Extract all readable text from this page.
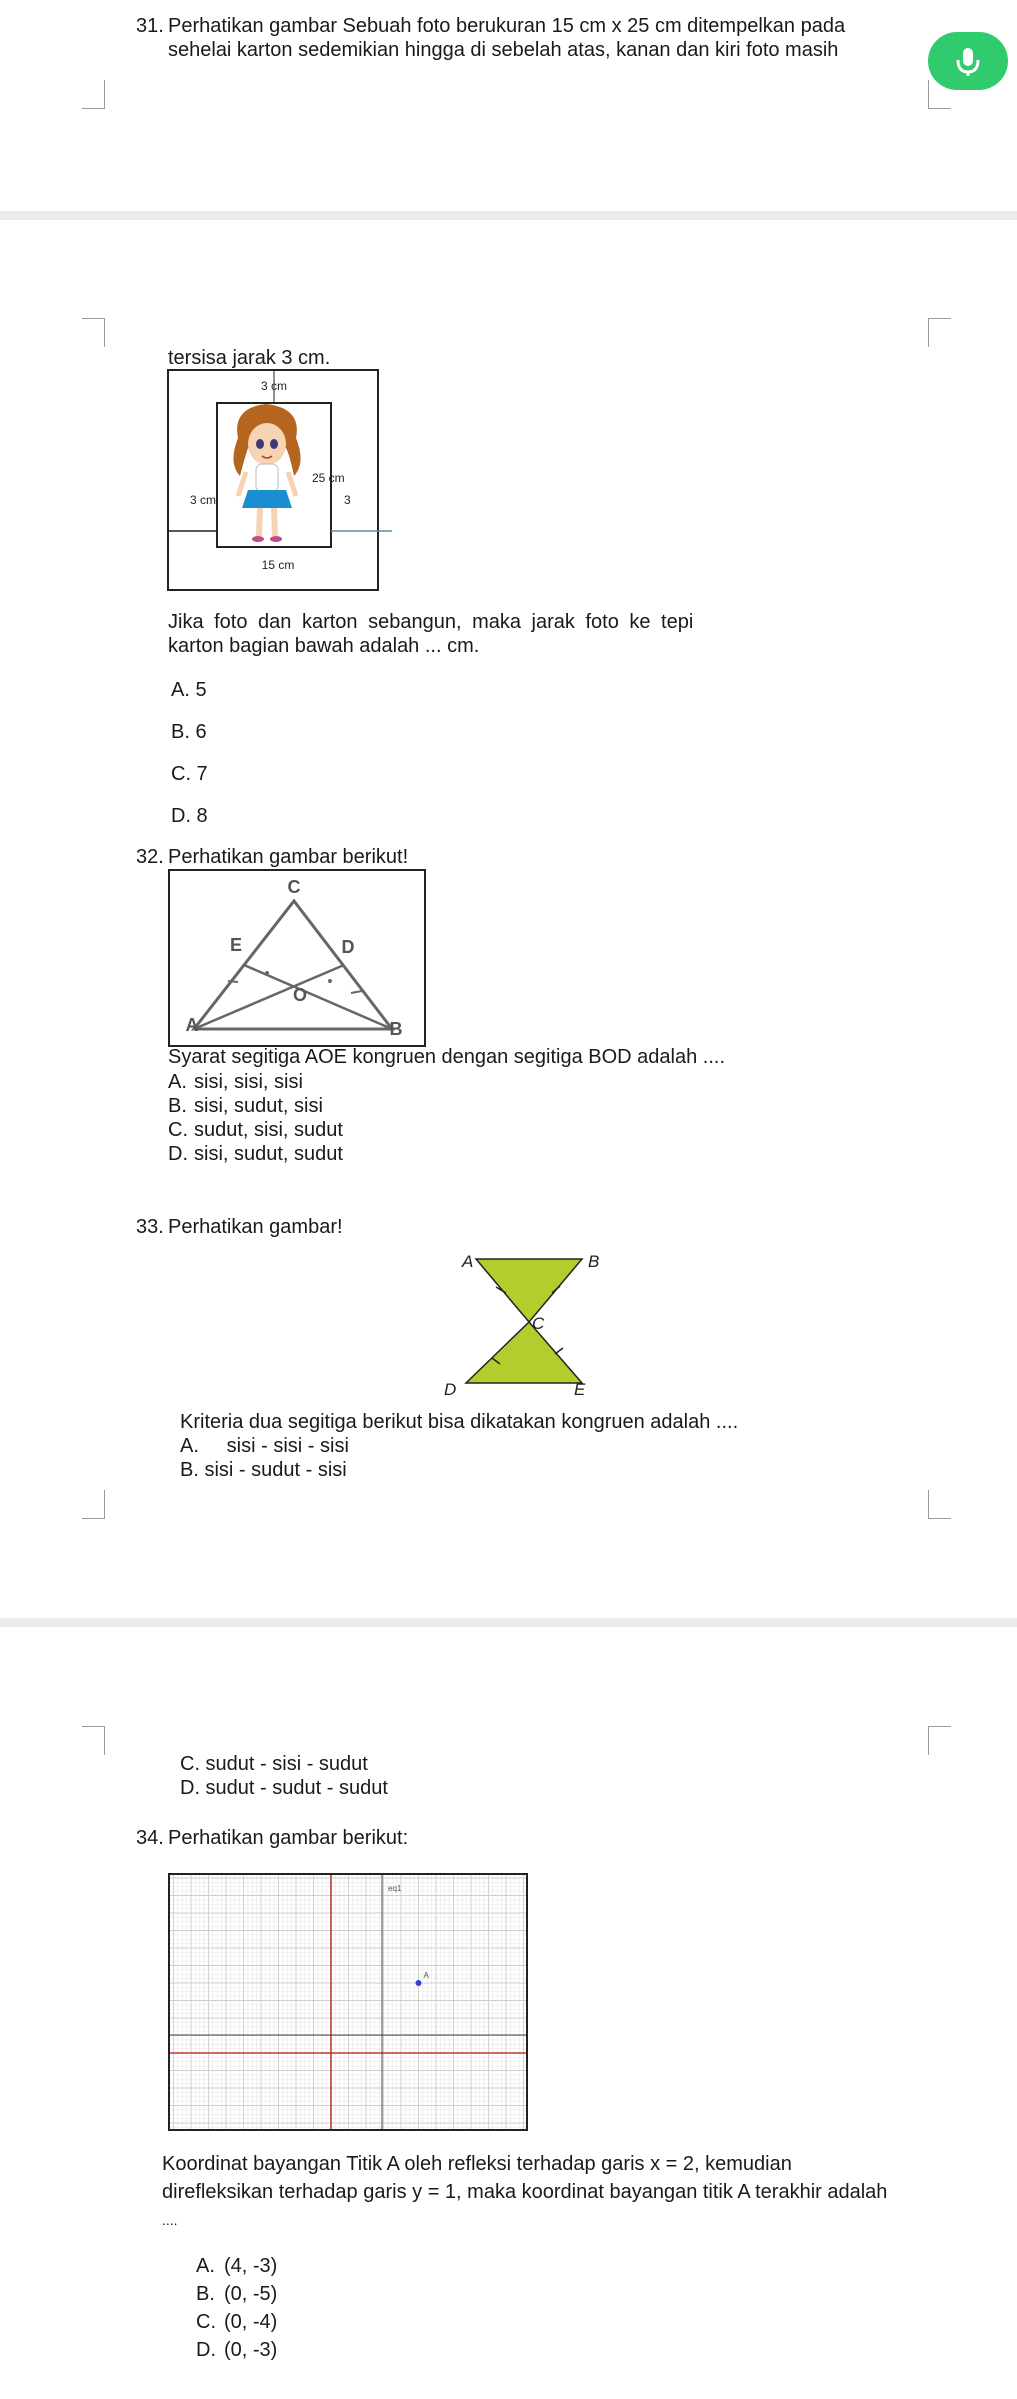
31. Perhatikan gambar Sebuah foto berukuran 15 cm x 25 cm ditempelkan pada
sehelai karton sedemikian hingga di sebelah atas, kanan dan kiri foto masih
tersisa jarak 3 cm.
3 cm
25 cm
3 cm	3
15 cm
Jika foto dan karton sebangun, maka jarak foto ke tepi
karton bagian bawah adalah ... cm.
A. 5
B. 6
C. 7
D. 8
32. Perhatikan gambar berikut!
C
E	D
O
A	B
Syarat segitiga AOE kongruen dengan segitiga BOD adalah ....
A. sisi, sisi, sisi
B. sisi, sudut, sisi
C. sudut, sisi, sudut
D. sisi, sudut, sudut
33. Perhatikan gambar!
A	B
C
D	E
Kriteria dua segitiga berikut bisa dikatakan kongruen adalah ....
A.     sisi - sisi - sisi
B. sisi - sudut - sisi
C. sudut - sisi - sudut
D. sudut - sudut - sudut
34. Perhatikan gambar berikut:
eq1
A
Koordinat bayangan Titik A oleh refleksi terhadap garis x = 2, kemudian
direfleksikan terhadap garis y = 1, maka koordinat bayangan titik A terakhir adalah
....
A. (4, -3)
B. (0, -5)
C. (0, -4)
D. (0, -3)
